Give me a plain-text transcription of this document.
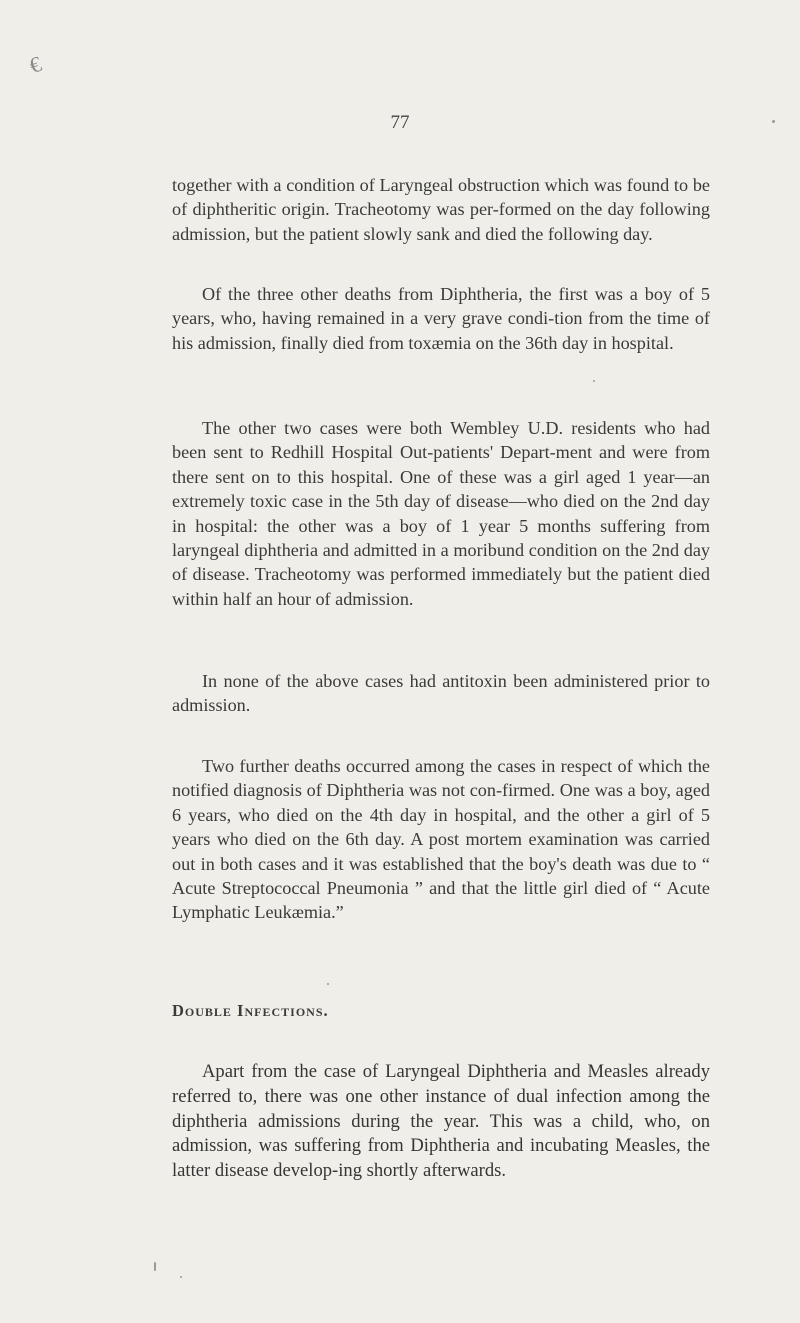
€
77

together with a condition of Laryngeal obstruction which was found to be of diphtheritic origin. Tracheotomy was per-formed on the day following admission, but the patient slowly sank and died the following day.

Of the three other deaths from Diphtheria, the first was a boy of 5 years, who, having remained in a very grave condi-tion from the time of his admission, finally died from toxæmia on the 36th day in hospital.

The other two cases were both Wembley U.D. residents who had been sent to Redhill Hospital Out-patients' Depart-ment and were from there sent on to this hospital. One of these was a girl aged 1 year—an extremely toxic case in the 5th day of disease—who died on the 2nd day in hospital: the other was a boy of 1 year 5 months suffering from laryngeal diphtheria and admitted in a moribund condition on the 2nd day of disease. Tracheotomy was performed immediately but the patient died within half an hour of admission.

In none of the above cases had antitoxin been administered prior to admission.

Two further deaths occurred among the cases in respect of which the notified diagnosis of Diphtheria was not con-firmed. One was a boy, aged 6 years, who died on the 4th day in hospital, and the other a girl of 5 years who died on the 6th day. A post mortem examination was carried out in both cases and it was established that the boy's death was due to “ Acute Streptococcal Pneumonia ” and that the little girl died of “ Acute Lymphatic Leukæmia.”

Double Infections.

Apart from the case of Laryngeal Diphtheria and Measles already referred to, there was one other instance of dual infection among the diphtheria admissions during the year. This was a child, who, on admission, was suffering from Diphtheria and incubating Measles, the latter disease develop-ing shortly afterwards.
